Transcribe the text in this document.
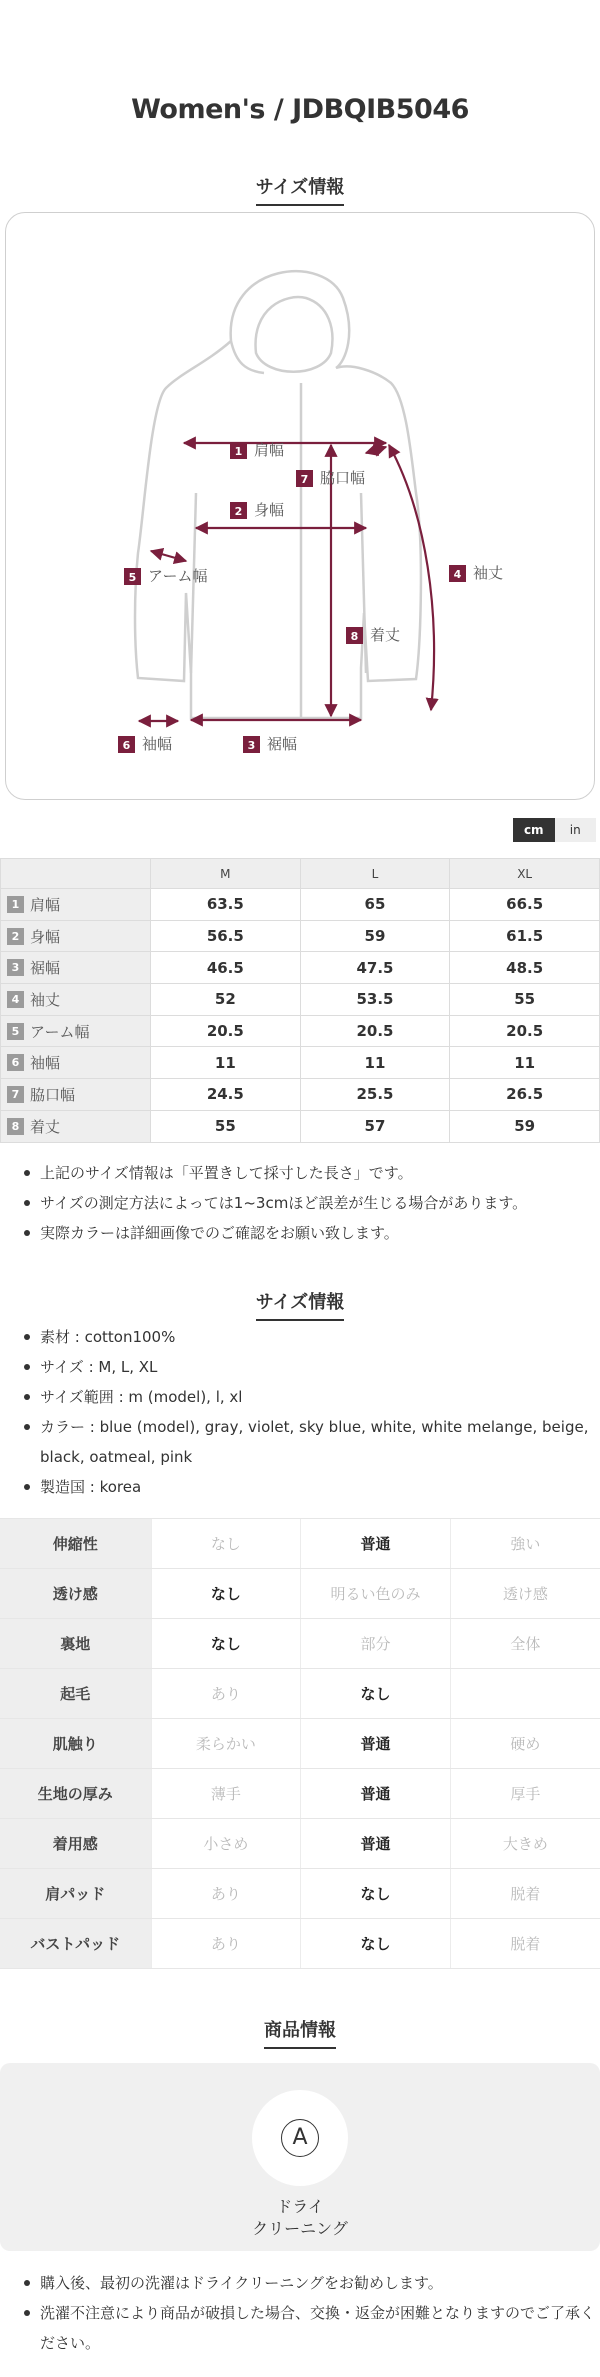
Women's / JDBQIB5046
サイズ情報
1 肩幅
7 脇口幅
2 身幅
5 アーム幅	4 袖丈
8 着丈
6 袖幅	3 裾幅
cm	in
	M	L	XL
1 肩幅	63.5	65	66.5
2 身幅	56.5	59	61.5
3 裾幅	46.5	47.5	48.5
4 袖丈	52	53.5	55
5 アーム幅	20.5	20.5	20.5
6 袖幅	11	11	11
7 脇口幅	24.5	25.5	26.5
8 着丈	55	57	59
上記のサイズ情報は「平置きして採寸した長さ」です。
サイズの測定方法によっては1~3cmほど誤差が生じる場合があります。
実際カラーは詳細画像でのご確認をお願い致します。
サイズ情報
素材 : cotton100%
サイズ : M, L, XL
サイズ範囲 : m (model), l, xl
カラー : blue (model), gray, violet, sky blue, white, white melange, beige, black, oatmeal, pink
製造国 : korea
伸縮性	なし	普通	強い
透け感	なし	明るい色のみ	透け感
裏地	なし	部分	全体
起毛	あり	なし	
肌触り	柔らかい	普通	硬め
生地の厚み	薄手	普通	厚手
着用感	小さめ	普通	大きめ
肩パッド	あり	なし	脱着
バストパッド	あり	なし	脱着
商品情報
A
ドライ
クリーニング
購入後、最初の洗濯はドライクリーニングをお勧めします。
洗濯不注意により商品が破損した場合、交換・返金が困難となりますのでご了承ください。
